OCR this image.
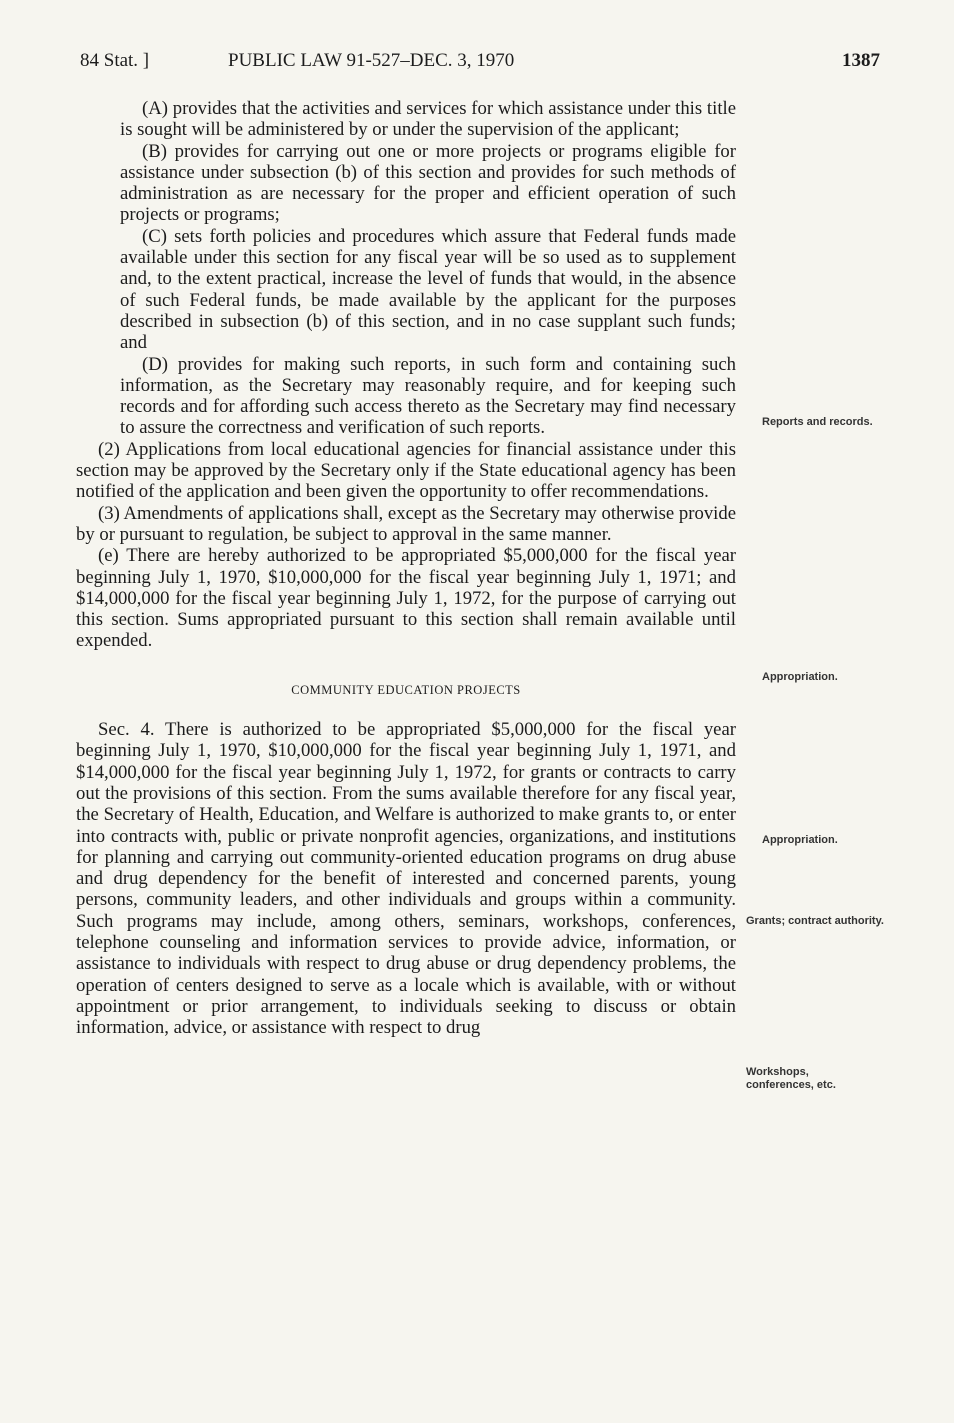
84 Stat. ]	PUBLIC LAW 91-527–DEC. 3, 1970	1387

(A) provides that the activities and services for which assistance under this title is sought will be administered by or under the supervision of the applicant;

(B) provides for carrying out one or more projects or programs eligible for assistance under subsection (b) of this section and provides for such methods of administration as are necessary for the proper and efficient operation of such projects or programs;

(C) sets forth policies and procedures which assure that Federal funds made available under this section for any fiscal year will be so used as to supplement and, to the extent practical, increase the level of funds that would, in the absence of such Federal funds, be made available by the applicant for the purposes described in subsection (b) of this section, and in no case supplant such funds; and

(D) provides for making such reports, in such form and containing such information, as the Secretary may reasonably require, and for keeping such records and for affording such access thereto as the Secretary may find necessary to assure the correctness and verification of such reports.

(2) Applications from local educational agencies for financial assistance under this section may be approved by the Secretary only if the State educational agency has been notified of the application and been given the opportunity to offer recommendations.

(3) Amendments of applications shall, except as the Secretary may otherwise provide by or pursuant to regulation, be subject to approval in the same manner.

(e) There are hereby authorized to be appropriated $5,000,000 for the fiscal year beginning July 1, 1970, $10,000,000 for the fiscal year beginning July 1, 1971; and $14,000,000 for the fiscal year beginning July 1, 1972, for the purpose of carrying out this section. Sums appropriated pursuant to this section shall remain available until expended.

COMMUNITY EDUCATION PROJECTS

Sec. 4. There is authorized to be appropriated $5,000,000 for the fiscal year beginning July 1, 1970, $10,000,000 for the fiscal year beginning July 1, 1971, and $14,000,000 for the fiscal year beginning July 1, 1972, for grants or contracts to carry out the provisions of this section. From the sums available therefore for any fiscal year, the Secretary of Health, Education, and Welfare is authorized to make grants to, or enter into contracts with, public or private nonprofit agencies, organizations, and institutions for planning and carrying out community-oriented education programs on drug abuse and drug dependency for the benefit of interested and concerned parents, young persons, community leaders, and other individuals and groups within a community. Such programs may include, among others, seminars, workshops, conferences, telephone counseling and information services to provide advice, information, or assistance to individuals with respect to drug abuse or drug dependency problems, the operation of centers designed to serve as a locale which is available, with or without appointment or prior arrangement, to individuals seeking to discuss or obtain information, advice, or assistance with respect to drug

Reports and records.
Appropriation.
Appropriation.
Grants; contract authority.
Workshops, conferences, etc.
